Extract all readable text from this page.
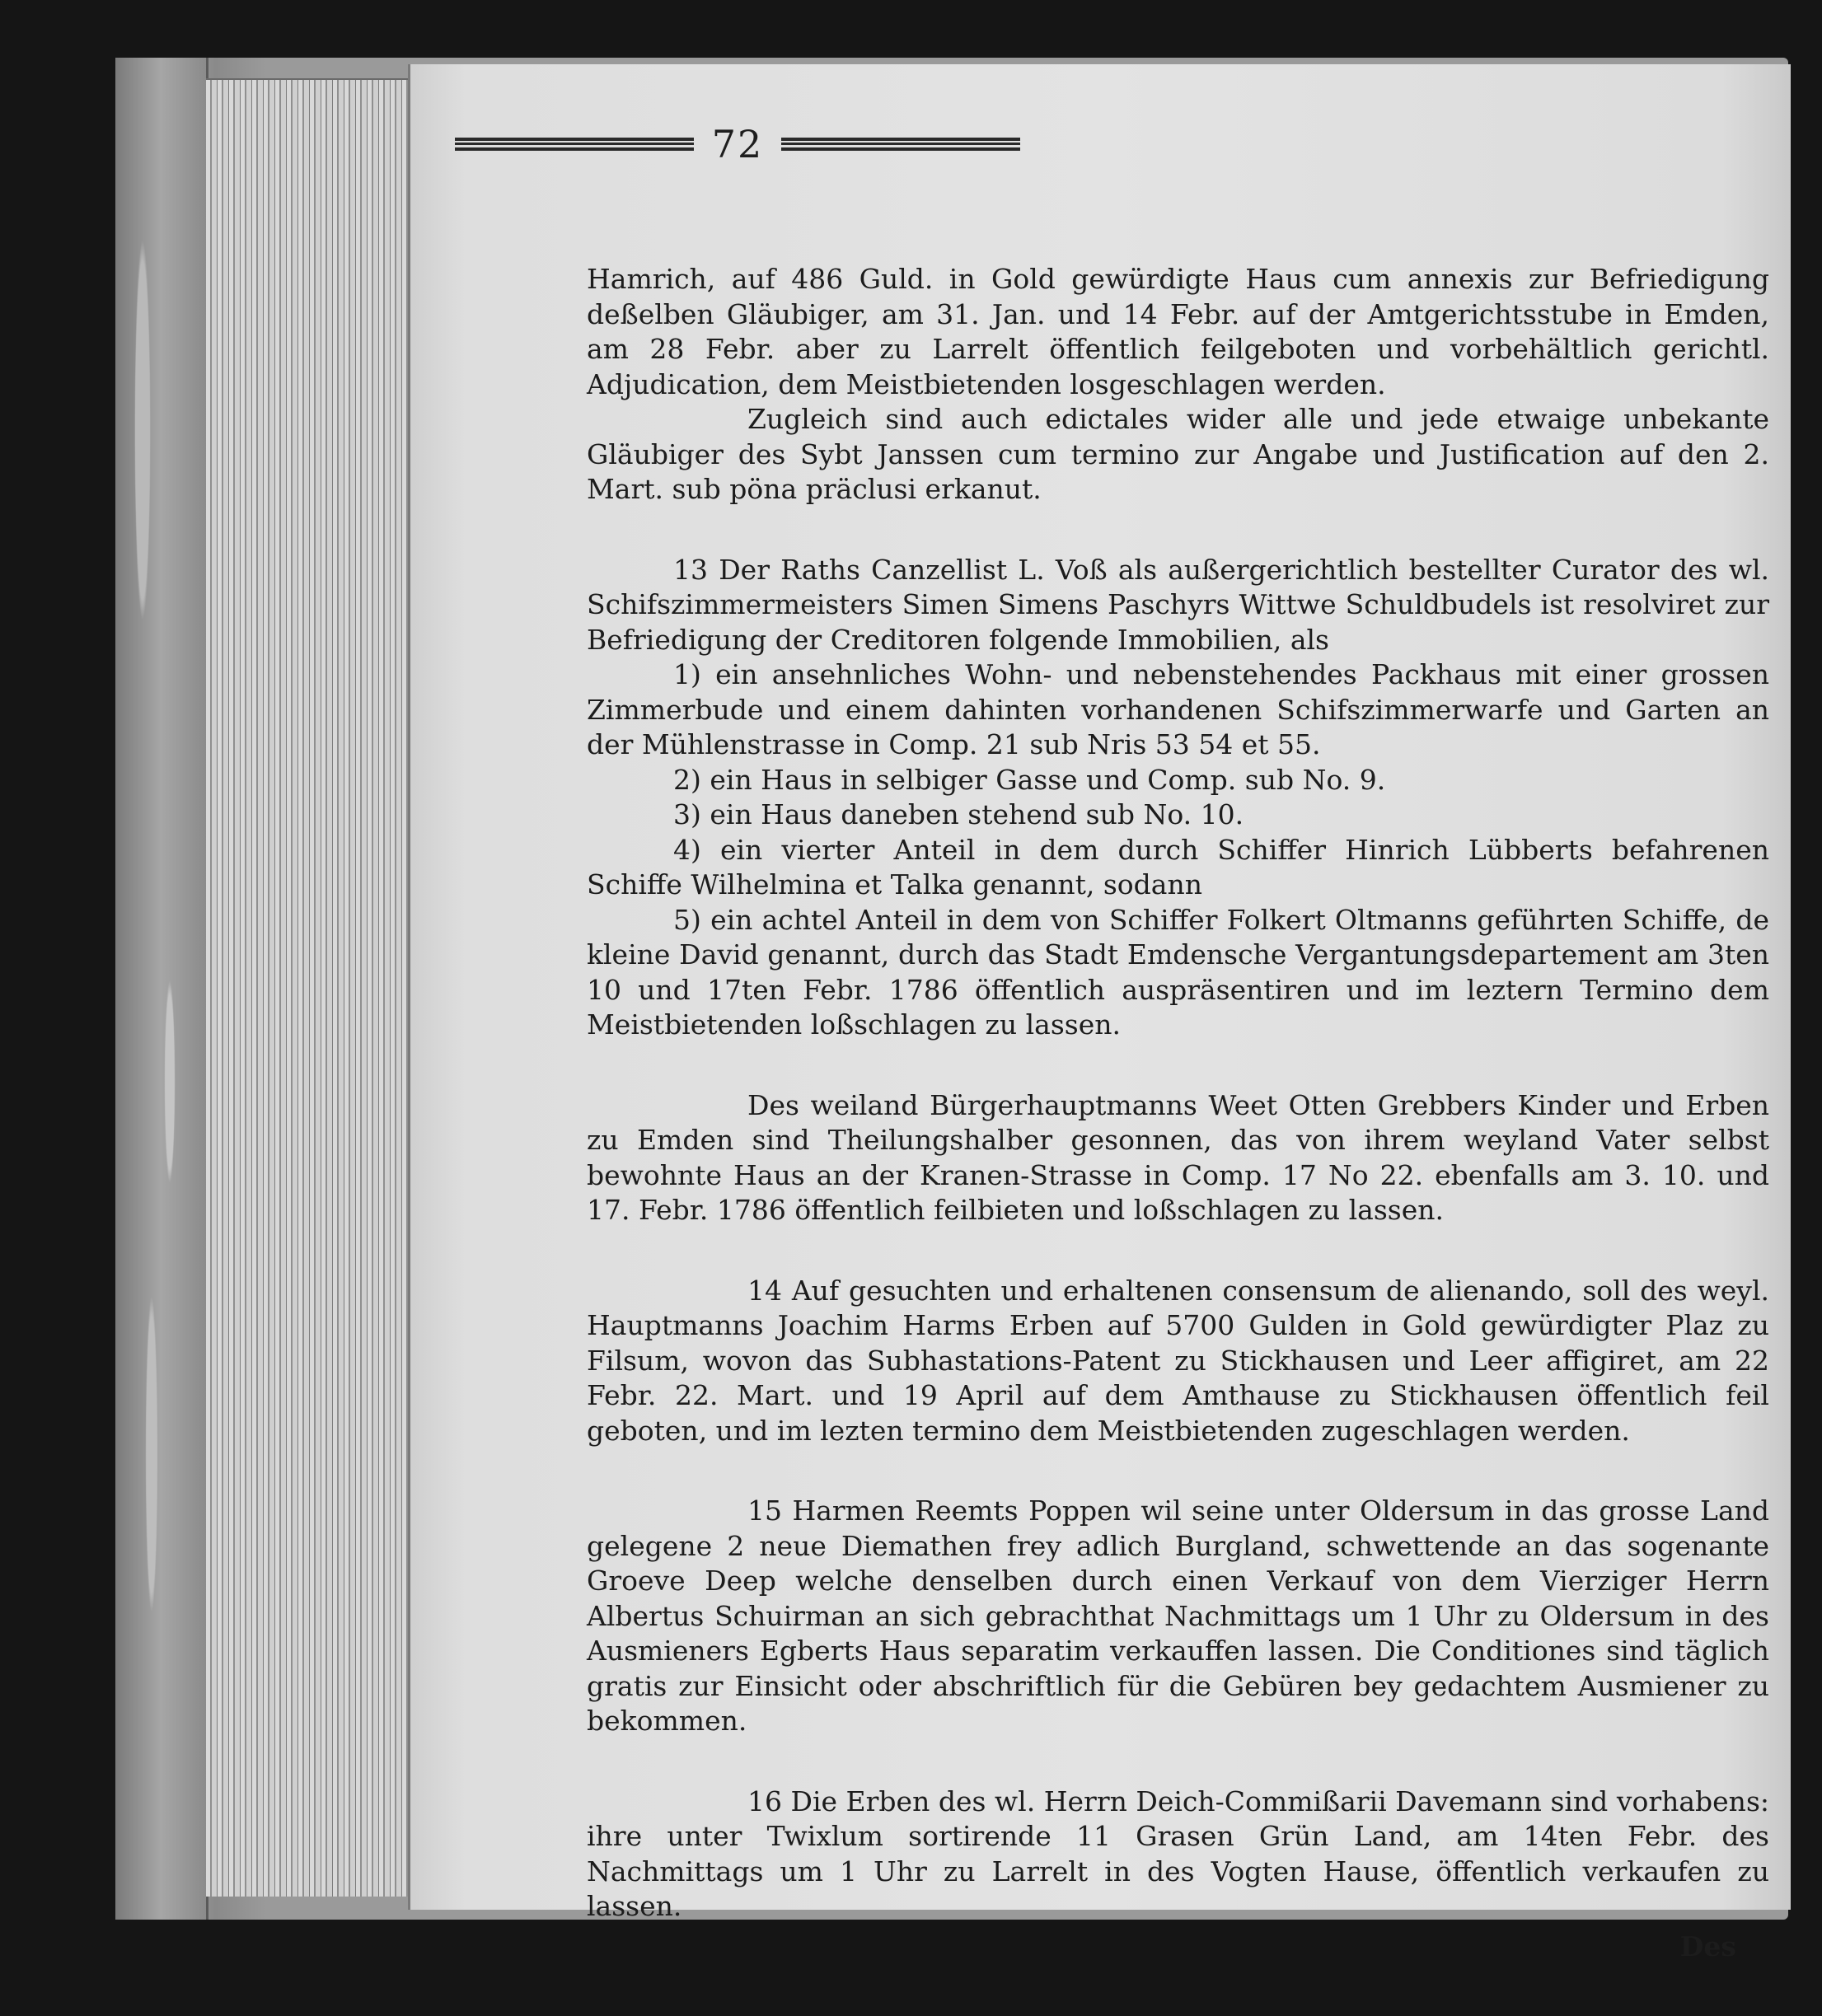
72

Hamrich, auf 486 Guld. in Gold gewürdigte Haus cum annexis zur Befriedigung deßelben Gläubiger, am 31. Jan. und 14 Febr. auf der Amtgerichtsstube in Emden, am 28 Febr. aber zu Larrelt öffentlich feilgeboten und vorbehältlich gerichtl. Adjudication, dem Meistbietenden losgeschlagen werden.

Zugleich sind auch edictales wider alle und jede etwaige unbekante Gläubiger des Sybt Janssen cum termino zur Angabe und Justification auf den 2. Mart. sub pöna präclusi erkanut.

13 Der Raths Canzellist L. Voß als außergerichtlich bestellter Curator des wl. Schifszimmermeisters Simen Simens Paschyrs Wittwe Schuldbudels ist resolviret zur Befriedigung der Creditoren folgende Immobilien, als

1) ein ansehnliches Wohn- und nebenstehendes Packhaus mit einer grossen Zimmerbude und einem dahinten vorhandenen Schifszimmerwarfe und Garten an der Mühlenstrasse in Comp. 21 sub Nris 53 54 et 55.

2) ein Haus in selbiger Gasse und Comp. sub No. 9.

3) ein Haus daneben stehend sub No. 10.

4) ein vierter Anteil in dem durch Schiffer Hinrich Lübberts befahrenen Schiffe Wilhelmina et Talka genannt, sodann

5) ein achtel Anteil in dem von Schiffer Folkert Oltmanns geführten Schiffe, de kleine David genannt, durch das Stadt Emdensche Vergantungsdepartement am 3ten 10 und 17ten Febr. 1786 öffentlich auspräsentiren und im leztern Termino dem Meistbietenden loßschlagen zu lassen.

Des weiland Bürgerhauptmanns Weet Otten Grebbers Kinder und Erben zu Emden sind Theilungshalber gesonnen, das von ihrem weyland Vater selbst bewohnte Haus an der Kranen-Strasse in Comp. 17 No 22. ebenfalls am 3. 10. und 17. Febr. 1786 öffentlich feilbieten und loßschlagen zu lassen.

14 Auf gesuchten und erhaltenen consensum de alienando, soll des weyl. Hauptmanns Joachim Harms Erben auf 5700 Gulden in Gold gewürdigter Plaz zu Filsum, wovon das Subhastations-Patent zu Stickhausen und Leer affigiret, am 22 Febr. 22. Mart. und 19 April auf dem Amthause zu Stickhausen öffentlich feil geboten, und im lezten termino dem Meistbietenden zugeschlagen werden.

15 Harmen Reemts Poppen wil seine unter Oldersum in das grosse Land gelegene 2 neue Diemathen frey adlich Burgland, schwettende an das sogenante Groeve Deep welche denselben durch einen Verkauf von dem Vierziger Herrn Albertus Schuirman an sich gebrachthat Nachmittags um 1 Uhr zu Oldersum in des Ausmieners Egberts Haus separatim verkauffen lassen. Die Conditiones sind täglich gratis zur Einsicht oder abschriftlich für die Gebüren bey gedachtem Ausmiener zu bekommen.

16 Die Erben des wl. Herrn Deich-Commißarii Davemann sind vorhabens: ihre unter Twixlum sortirende 11 Grasen Grün Land, am 14ten Febr. des Nachmittags um 1 Uhr zu Larrelt in des Vogten Hause, öffentlich verkaufen zu lassen.

Des
